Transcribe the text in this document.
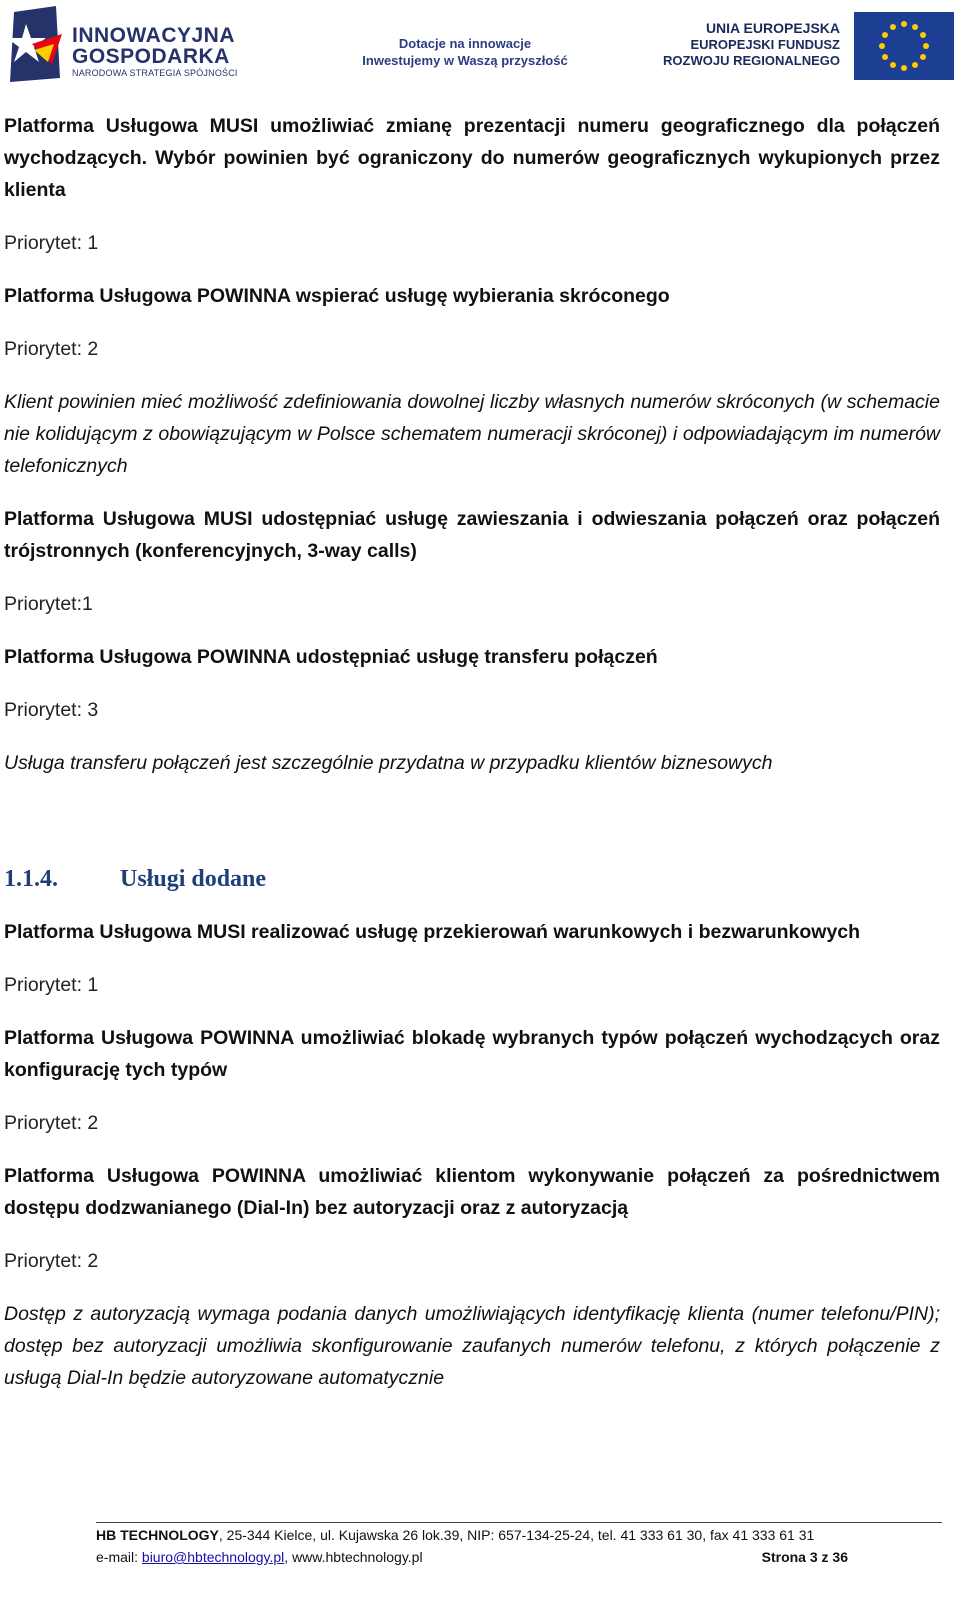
INNOWACYJNA
GOSPODARKA
NARODOWA STRATEGIA SPÓJNOŚCI
Dotacje na innowacje
Inwestujemy w Waszą przyszłość
UNIA EUROPEJSKA
EUROPEJSKI FUNDUSZ
ROZWOJU REGIONALNEGO

Platforma Usługowa MUSI umożliwiać zmianę prezentacji numeru geograficznego dla połączeń wychodzących. Wybór powinien być ograniczony do numerów geograficznych wykupionych przez klienta

Priorytet: 1

Platforma Usługowa POWINNA wspierać usługę wybierania skróconego

Priorytet: 2

Klient powinien mieć możliwość zdefiniowania dowolnej liczby własnych numerów skróconych (w schemacie nie kolidującym z obowiązującym w Polsce schematem numeracji skróconej) i odpowiadającym im numerów telefonicznych

Platforma Usługowa MUSI udostępniać usługę zawieszania i odwieszania połączeń oraz połączeń trójstronnych (konferencyjnych, 3-way calls)

Priorytet:1

Platforma Usługowa POWINNA udostępniać usługę transferu połączeń

Priorytet: 3

Usługa transferu połączeń jest szczególnie przydatna w przypadku klientów biznesowych

1.1.4.	Usługi dodane

Platforma Usługowa MUSI realizować usługę przekierowań warunkowych i bezwarunkowych

Priorytet: 1

Platforma Usługowa POWINNA umożliwiać blokadę wybranych typów połączeń wychodzących oraz konfigurację tych typów

Priorytet: 2

Platforma Usługowa POWINNA umożliwiać klientom wykonywanie połączeń za pośrednictwem dostępu dodzwanianego (Dial-In) bez autoryzacji oraz z autoryzacją

Priorytet: 2

Dostęp z autoryzacją wymaga podania danych umożliwiających identyfikację klienta (numer telefonu/PIN); dostęp bez autoryzacji umożliwia skonfigurowanie zaufanych numerów telefonu, z których połączenie z usługą Dial-In będzie autoryzowane automatycznie

HB TECHNOLOGY, 25-344 Kielce, ul. Kujawska 26 lok.39, NIP: 657-134-25-24, tel. 41 333 61 30, fax 41 333 61 31
e-mail: biuro@hbtechnology.pl, www.hbtechnology.pl	Strona 3 z 36
